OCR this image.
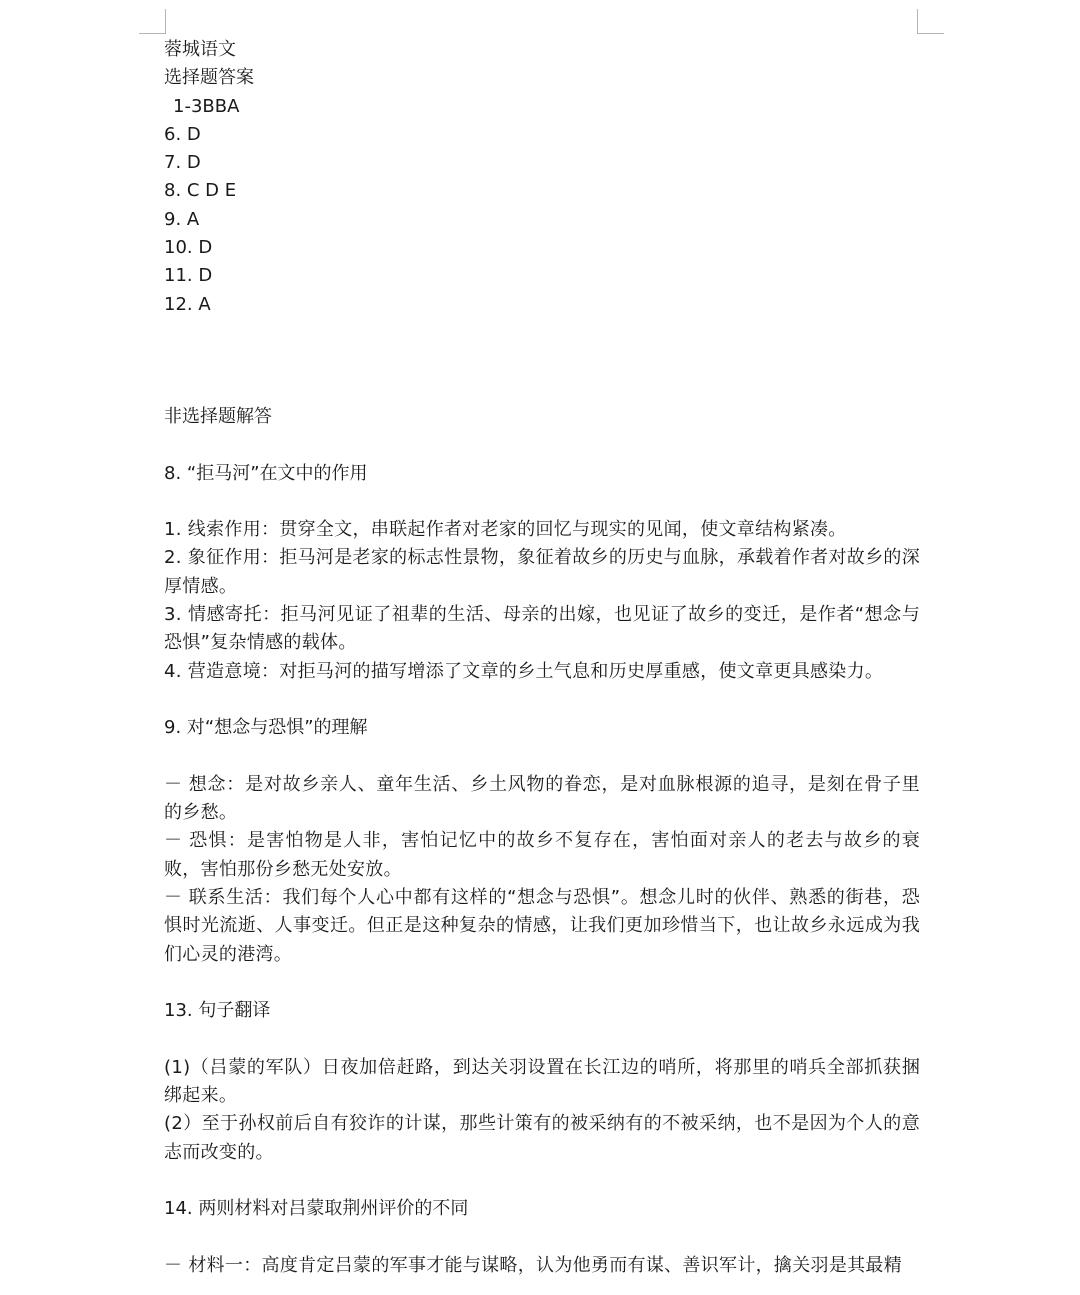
蓉城语文
选择题答案
1-3BBA
6. D
7. D
8. C D E
9. A
10. D
11. D
12. A
非选择题解答
8. “拒马河”在文中的作用
1. 线索作用：贯穿全文，串联起作者对老家的回忆与现实的见闻，使文章结构紧凑。
2. 象征作用：拒马河是老家的标志性景物，象征着故乡的历史与血脉，承载着作者对故乡的深厚情感。
3. 情感寄托：拒马河见证了祖辈的生活、母亲的出嫁，也见证了故乡的变迁，是作者“想念与恐惧”复杂情感的载体。
4. 营造意境：对拒马河的描写增添了文章的乡土气息和历史厚重感，使文章更具感染力。
9. 对“想念与恐惧”的理解
－ 想念：是对故乡亲人、童年生活、乡土风物的眷恋，是对血脉根源的追寻，是刻在骨子里的乡愁。
－ 恐惧：是害怕物是人非，害怕记忆中的故乡不复存在，害怕面对亲人的老去与故乡的衰败，害怕那份乡愁无处安放。
－ 联系生活：我们每个人心中都有这样的“想念与恐惧”。想念儿时的伙伴、熟悉的街巷，恐惧时光流逝、人事变迁。但正是这种复杂的情感，让我们更加珍惜当下，也让故乡永远成为我们心灵的港湾。
13. 句子翻译
(1)（吕蒙的军队）日夜加倍赶路，到达关羽设置在长江边的哨所，将那里的哨兵全部抓获捆绑起来。
(2）至于孙权前后自有狡诈的计谋，那些计策有的被采纳有的不被采纳，也不是因为个人的意志而改变的。
14. 两则材料对吕蒙取荆州评价的不同
－ 材料一：高度肯定吕蒙的军事才能与谋略，认为他勇而有谋、善识军计，擒关羽是其最精
